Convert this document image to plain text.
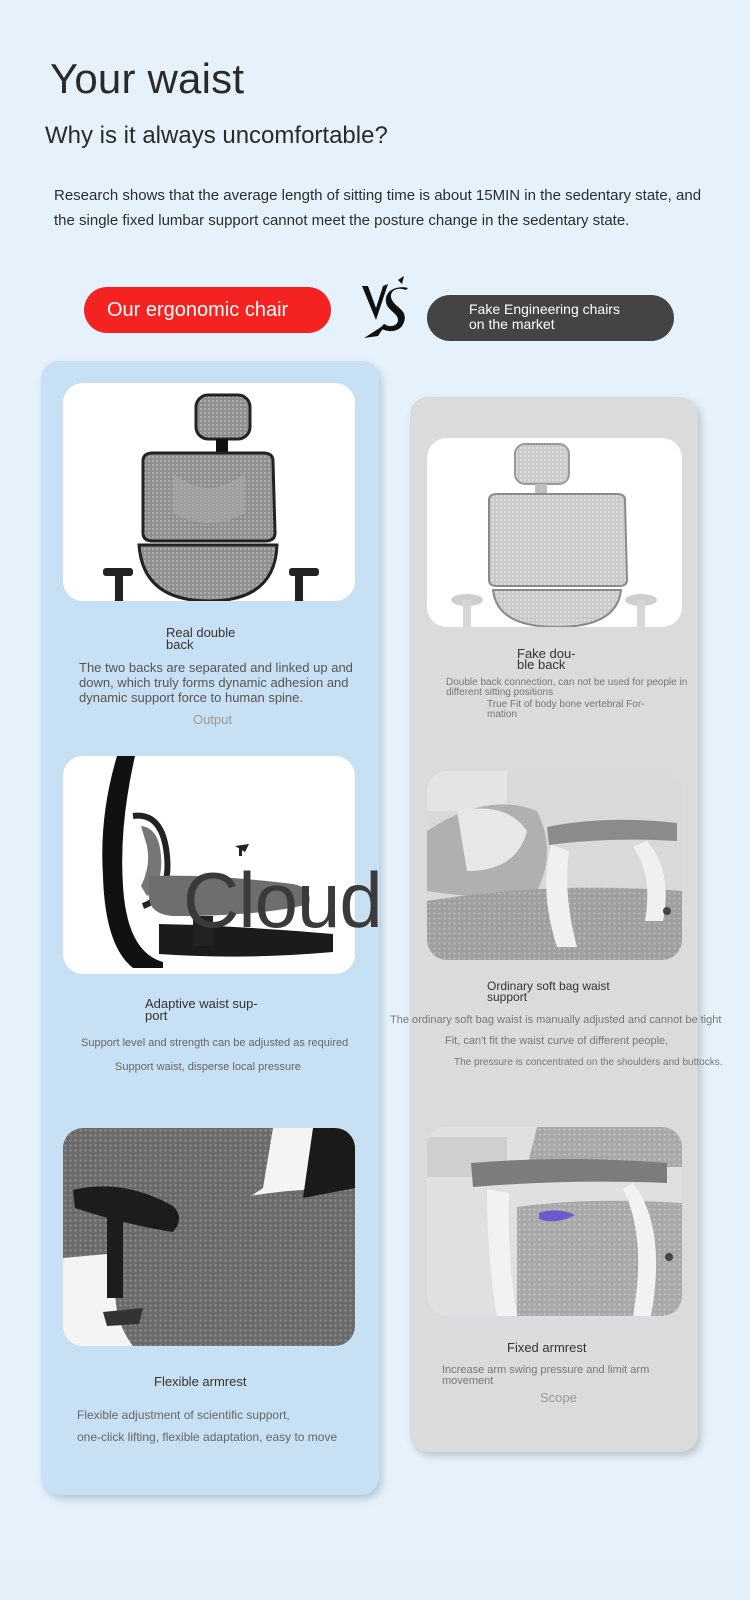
Your waist
Why is it always uncomfortable?
Research shows that the average length of sitting time is about 15MIN in the sedentary state, and the single fixed lumbar support cannot meet the posture change in the sedentary state.
Our ergonomic chair	Fake Engineering chairs
on the market
Real double
back
The two backs are separated and linked up and down, which truly forms dynamic adhesion and dynamic support force to human spine.
Output
Cloud
Adaptive waist sup-
port
Support level and strength can be adjusted as required
Support waist, disperse local pressure
Flexible armrest
Flexible adjustment of scientific support,
one-click lifting, flexible adaptation, easy to move
Fake dou-
ble back
Double back connection, can not be used for people in
different sitting positions
True Fit of body bone vertebral For-
mation
Ordinary soft bag waist
support
The ordinary soft bag waist is manually adjusted and cannot be tight
Fit, can't fit the waist curve of different people,
The pressure is concentrated on the shoulders and buttocks.
Fixed armrest
Increase arm swing pressure and limit arm
movement
Scope
